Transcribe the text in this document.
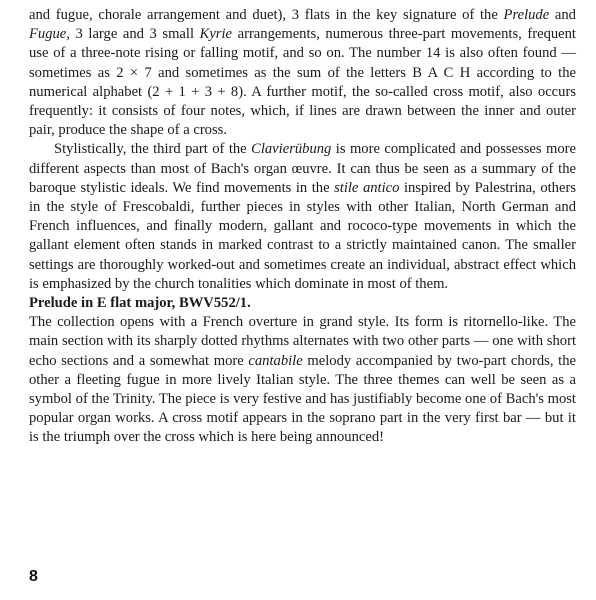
and fugue, chorale arrangement and duet), 3 flats in the key signature of the Prelude and Fugue, 3 large and 3 small Kyrie arrangements, numerous three-part movements, frequent use of a three-note rising or falling motif, and so on. The number 14 is also often found — sometimes as 2 × 7 and sometimes as the sum of the letters B A C H according to the numerical alphabet (2 + 1 + 3 + 8). A further motif, the so-called cross motif, also occurs frequently: it consists of four notes, which, if lines are drawn between the inner and outer pair, produce the shape of a cross.

Stylistically, the third part of the Clavierübung is more complicated and possesses more different aspects than most of Bach's organ œuvre. It can thus be seen as a summary of the baroque stylistic ideals. We find movements in the stile antico inspired by Palestrina, others in the style of Frescobaldi, further pieces in styles with other Italian, North German and French influences, and finally modern, gallant and rococo-type movements in which the gallant element often stands in marked contrast to a strictly maintained canon. The smaller settings are thoroughly worked-out and sometimes create an individual, abstract effect which is emphasized by the church tonalities which dominate in most of them.

Prelude in E flat major, BWV552/1.

The collection opens with a French overture in grand style. Its form is ritornello-like. The main section with its sharply dotted rhythms alternates with two other parts — one with short echo sections and a somewhat more cantabile melody accompanied by two-part chords, the other a fleeting fugue in more lively Italian style. The three themes can well be seen as a symbol of the Trinity. The piece is very festive and has justifiably become one of Bach's most popular organ works. A cross motif appears in the soprano part in the very first bar — but it is the triumph over the cross which is here being announced!

8
